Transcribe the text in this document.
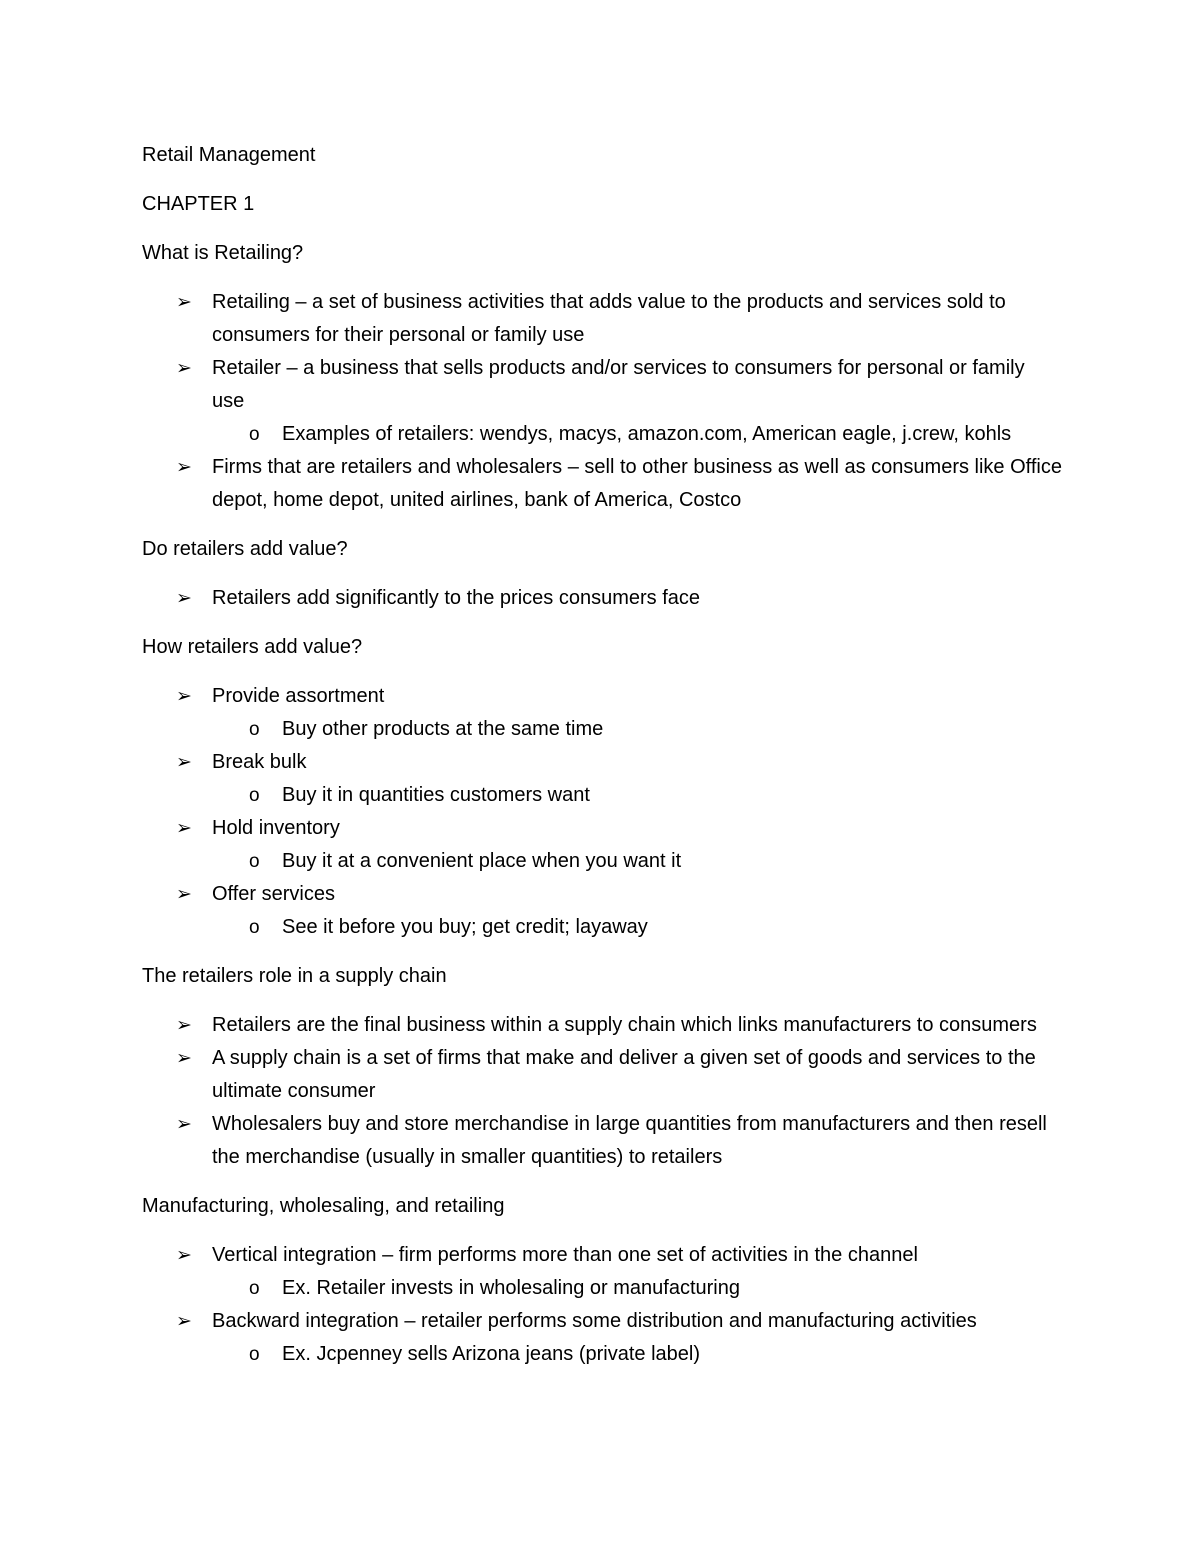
Retail Management
CHAPTER 1
What is Retailing?
➢ Retailing – a set of business activities that adds value to the products and services sold to consumers for their personal or family use
➢ Retailer – a business that sells products and/or services to consumers for personal or family use
o Examples of retailers: wendys, macys, amazon.com, American eagle, j.crew, kohls
➢ Firms that are retailers and wholesalers – sell to other business as well as consumers like Office depot, home depot, united airlines, bank of America, Costco
Do retailers add value?
➢ Retailers add significantly to the prices consumers face
How retailers add value?
➢ Provide assortment
o Buy other products at the same time
➢ Break bulk
o Buy it in quantities customers want
➢ Hold inventory
o Buy it at a convenient place when you want it
➢ Offer services
o See it before you buy; get credit; layaway
The retailers role in a supply chain
➢ Retailers are the final business within a supply chain which links manufacturers to consumers
➢ A supply chain is a set of firms that make and deliver a given set of goods and services to the ultimate consumer
➢ Wholesalers buy and store merchandise in large quantities from manufacturers and then resell the merchandise (usually in smaller quantities) to retailers
Manufacturing, wholesaling, and retailing
➢ Vertical integration – firm performs more than one set of activities in the channel
o Ex. Retailer invests in wholesaling or manufacturing
➢ Backward integration – retailer performs some distribution and manufacturing activities
o Ex. Jcpenney sells Arizona jeans (private label)
